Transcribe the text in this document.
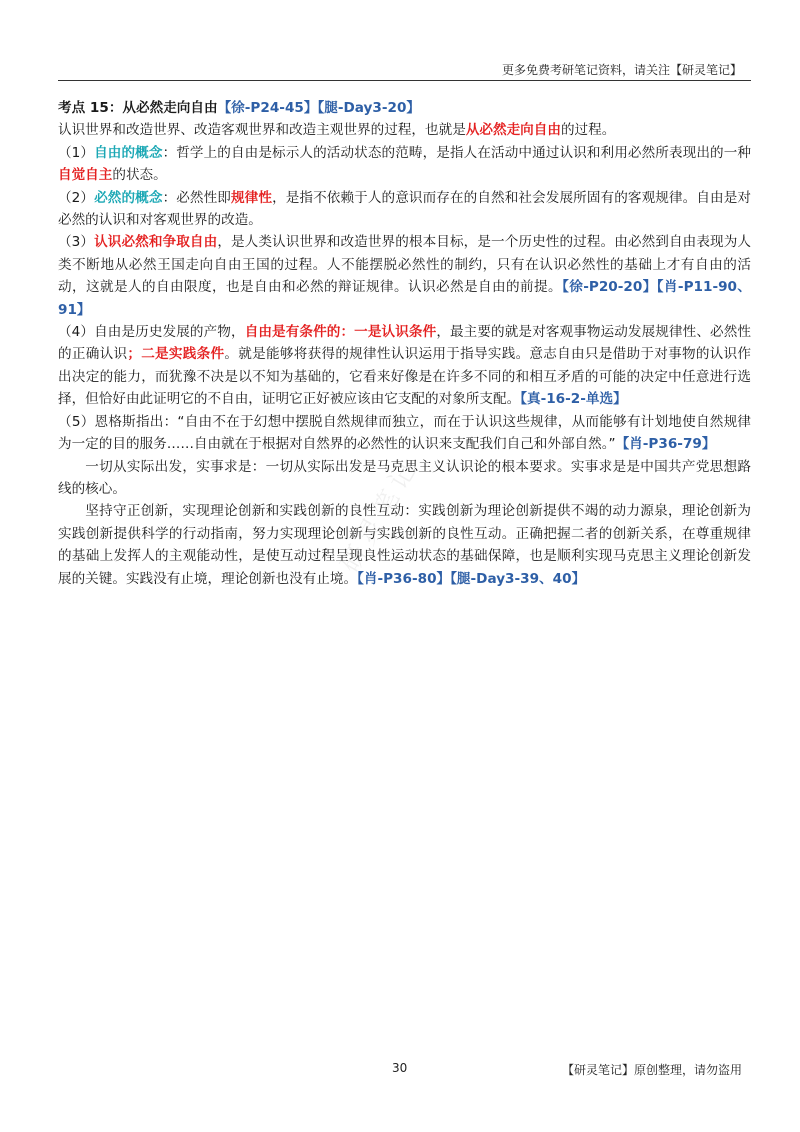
更多免费考研笔记资料，请关注【研灵笔记】
研灵笔记

考点 15：从必然走向自由【徐-P24-45】【腿-Day3-20】

认识世界和改造世界、改造客观世界和改造主观世界的过程，也就是从必然走向自由的过程。

（1）自由的概念：哲学上的自由是标示人的活动状态的范畴，是指人在活动中通过认识和利用必然所表现出的一种自觉自主的状态。

（2）必然的概念：必然性即规律性，是指不依赖于人的意识而存在的自然和社会发展所固有的客观规律。自由是对必然的认识和对客观世界的改造。

（3）认识必然和争取自由，是人类认识世界和改造世界的根本目标，是一个历史性的过程。由必然到自由表现为人类不断地从必然王国走向自由王国的过程。人不能摆脱必然性的制约，只有在认识必然性的基础上才有自由的活动，这就是人的自由限度，也是自由和必然的辩证规律。认识必然是自由的前提。【徐-P20-20】【肖-P11-90、91】

（4）自由是历史发展的产物，自由是有条件的：一是认识条件，最主要的就是对客观事物运动发展规律性、必然性的正确认识；二是实践条件。就是能够将获得的规律性认识运用于指导实践。意志自由只是借助于对事物的认识作出决定的能力，而犹豫不决是以不知为基础的，它看来好像是在许多不同的和相互矛盾的可能的决定中任意进行选择，但恰好由此证明它的不自由，证明它正好被应该由它支配的对象所支配。【真-16-2-单选】

（5）恩格斯指出：“自由不在于幻想中摆脱自然规律而独立，而在于认识这些规律，从而能够有计划地使自然规律为一定的目的服务……自由就在于根据对自然界的必然性的认识来支配我们自己和外部自然。”【肖-P36-79】

一切从实际出发，实事求是：一切从实际出发是马克思主义认识论的根本要求。实事求是是中国共产党思想路线的核心。

坚持守正创新，实现理论创新和实践创新的良性互动：实践创新为理论创新提供不竭的动力源泉，理论创新为实践创新提供科学的行动指南，努力实现理论创新与实践创新的良性互动。正确把握二者的创新关系，在尊重规律的基础上发挥人的主观能动性，是使互动过程呈现良性运动状态的基础保障，也是顺利实现马克思主义理论创新发展的关键。实践没有止境，理论创新也没有止境。【肖-P36-80】【腿-Day3-39、40】

30	【研灵笔记】原创整理，请勿盗用
